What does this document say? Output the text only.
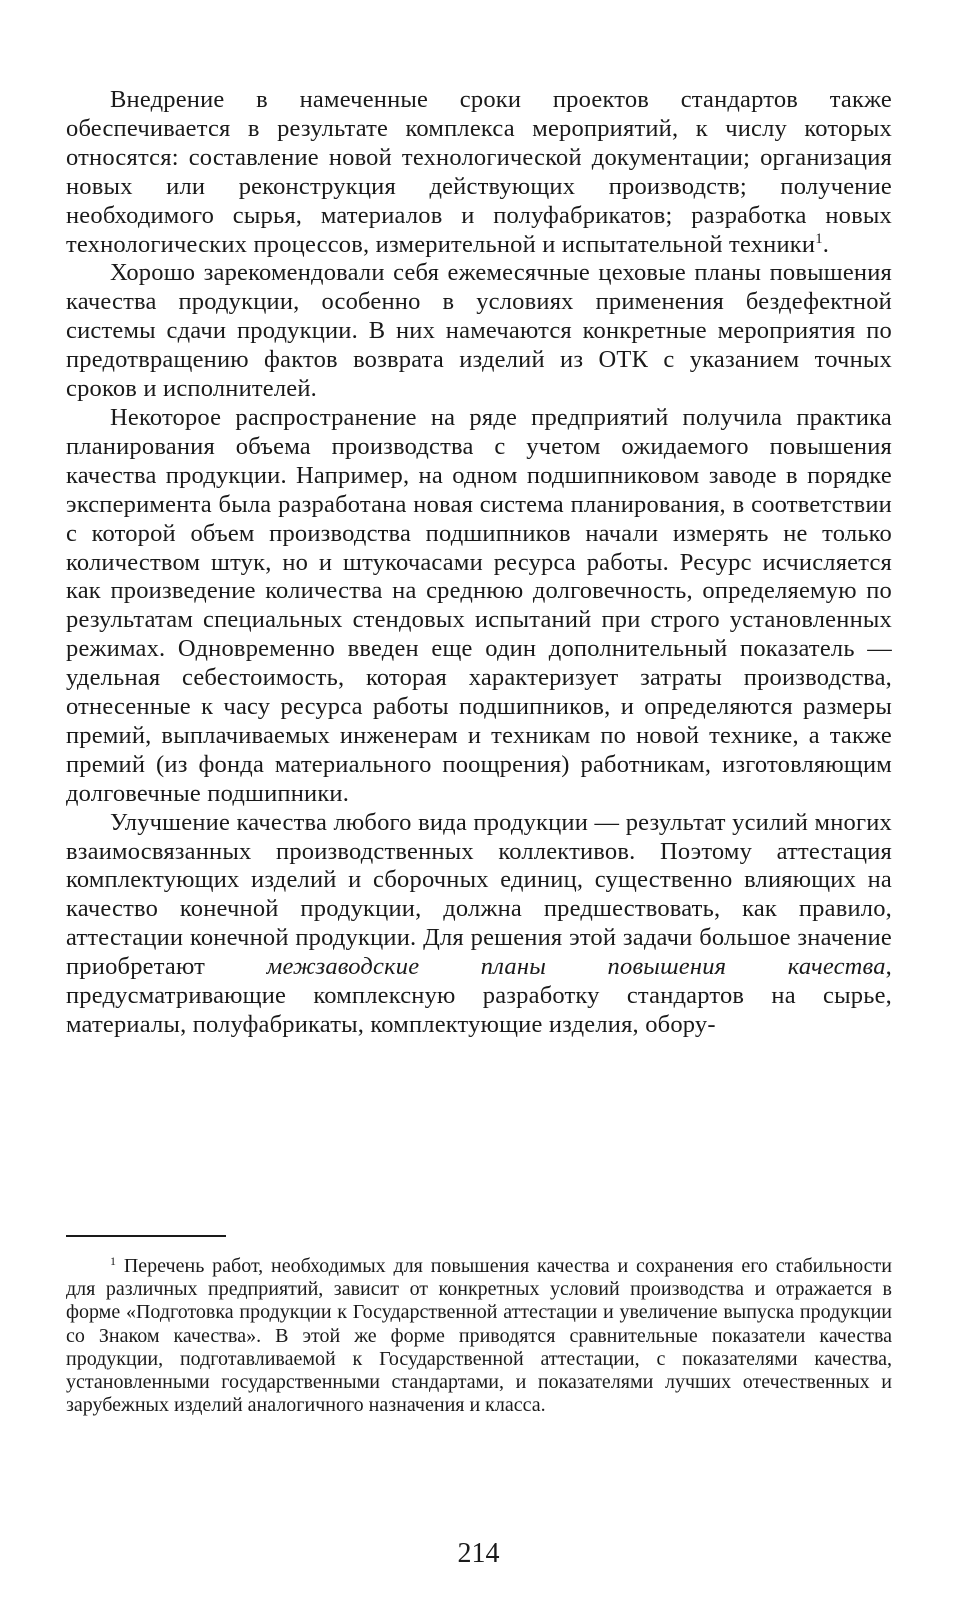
Внедрение в намеченные сроки проектов стандартов также обеспечивается в результате комплекса мероприятий, к числу которых относятся: составление новой технологической документации; организация новых или реконструкция действующих производств; получение необходимого сырья, материалов и полуфабрикатов; разработка новых технологических процессов, измерительной и испытательной техники$^1$.

Хорошо зарекомендовали себя ежемесячные цеховые планы повышения качества продукции, особенно в условиях применения бездефектной системы сдачи продукции. В них намечаются конкретные мероприятия по предотвращению фактов возврата изделий из ОТК с указанием точных сроков и исполнителей.

Некоторое распространение на ряде предприятий получила практика планирования объема производства с учетом ожидаемого повышения качества продукции. Например, на одном подшипниковом заводе в порядке эксперимента была разработана новая система планирования, в соответствии с которой объем производства подшипников начали измерять не только количеством штук, но и штукочасами ресурса работы. Ресурс исчисляется как произведение количества на среднюю долговечность, определяемую по результатам специальных стендовых испытаний при строго установленных режимах. Одновременно введен еще один дополнительный показатель — удельная себестоимость, которая характеризует затраты производства, отнесенные к часу ресурса работы подшипников, и определяются размеры премий, выплачиваемых инженерам и техникам по новой технике, а также премий (из фонда материального поощрения) работникам, изготовляющим долговечные подшипники.

Улучшение качества любого вида продукции — результат усилий многих взаимосвязанных производственных коллективов. Поэтому аттестация комплектующих изделий и сборочных единиц, существенно влияющих на качество конечной продукции, должна предшествовать, как правило, аттестации конечной продукции. Для решения этой задачи большое значение приобретают межзаводские планы повышения качества, предусматривающие комплексную разработку стандартов на сырье, материалы, полуфабрикаты, комплектующие изделия, обору-

$^1$ Перечень работ, необходимых для повышения качества и сохранения его стабильности для различных предприятий, зависит от конкретных условий производства и отражается в форме «Подготовка продукции к Государственной аттестации и увеличение выпуска продукции со Знаком качества». В этой же форме приводятся сравнительные показатели качества продукции, подготавливаемой к Государственной аттестации, с показателями качества, установленными государственными стандартами, и показателями лучших отечественных и зарубежных изделий аналогичного назначения и класса.

214
